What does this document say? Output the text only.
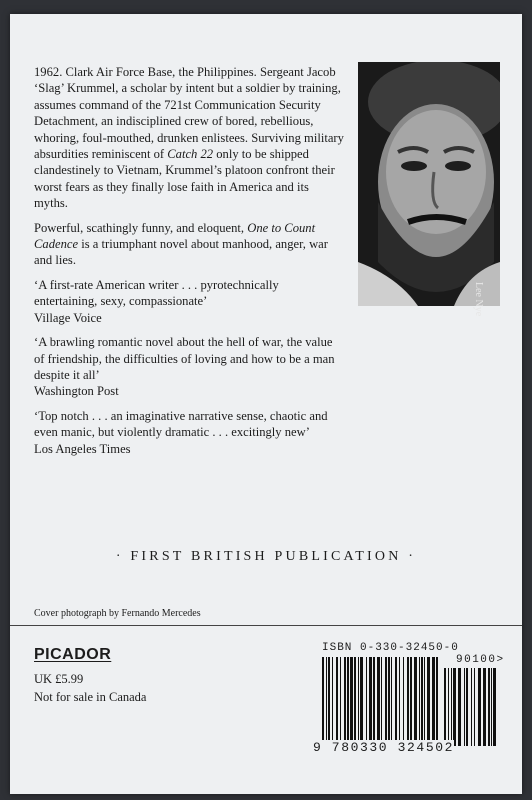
1962. Clark Air Force Base, the Philippines. Sergeant Jacob ‘Slag’ Krummel, a scholar by intent but a soldier by training, assumes command of the 721st Communication Security Detachment, an indisciplined crew of bored, rebellious, whoring, foul-mouthed, drunken enlistees. Surviving military absurdities reminiscent of Catch 22 only to be shipped clandestinely to Vietnam, Krummel’s platoon confront their worst fears as they finally lose faith in America and its myths.

Powerful, scathingly funny, and eloquent, One to Count Cadence is a triumphant novel about manhood, anger, war and lies.

‘A first-rate American writer . . . pyrotechnically entertaining, sexy, compassionate’

Village Voice

‘A brawling romantic novel about the hell of war, the value of friendship, the difficulties of loving and how to be a man despite it all’

Washington Post

‘Top notch . . . an imaginative narrative sense, chaotic and even manic, but violently dramatic . . . excitingly new’

Los Angeles Times

Lee Nye
· FIRST BRITISH PUBLICATION ·
Cover photograph by Fernando Mercedes
PICADOR
UK £5.99
Not for sale in Canada
ISBN 0-330-32450-0
90100>
9 780330 324502
